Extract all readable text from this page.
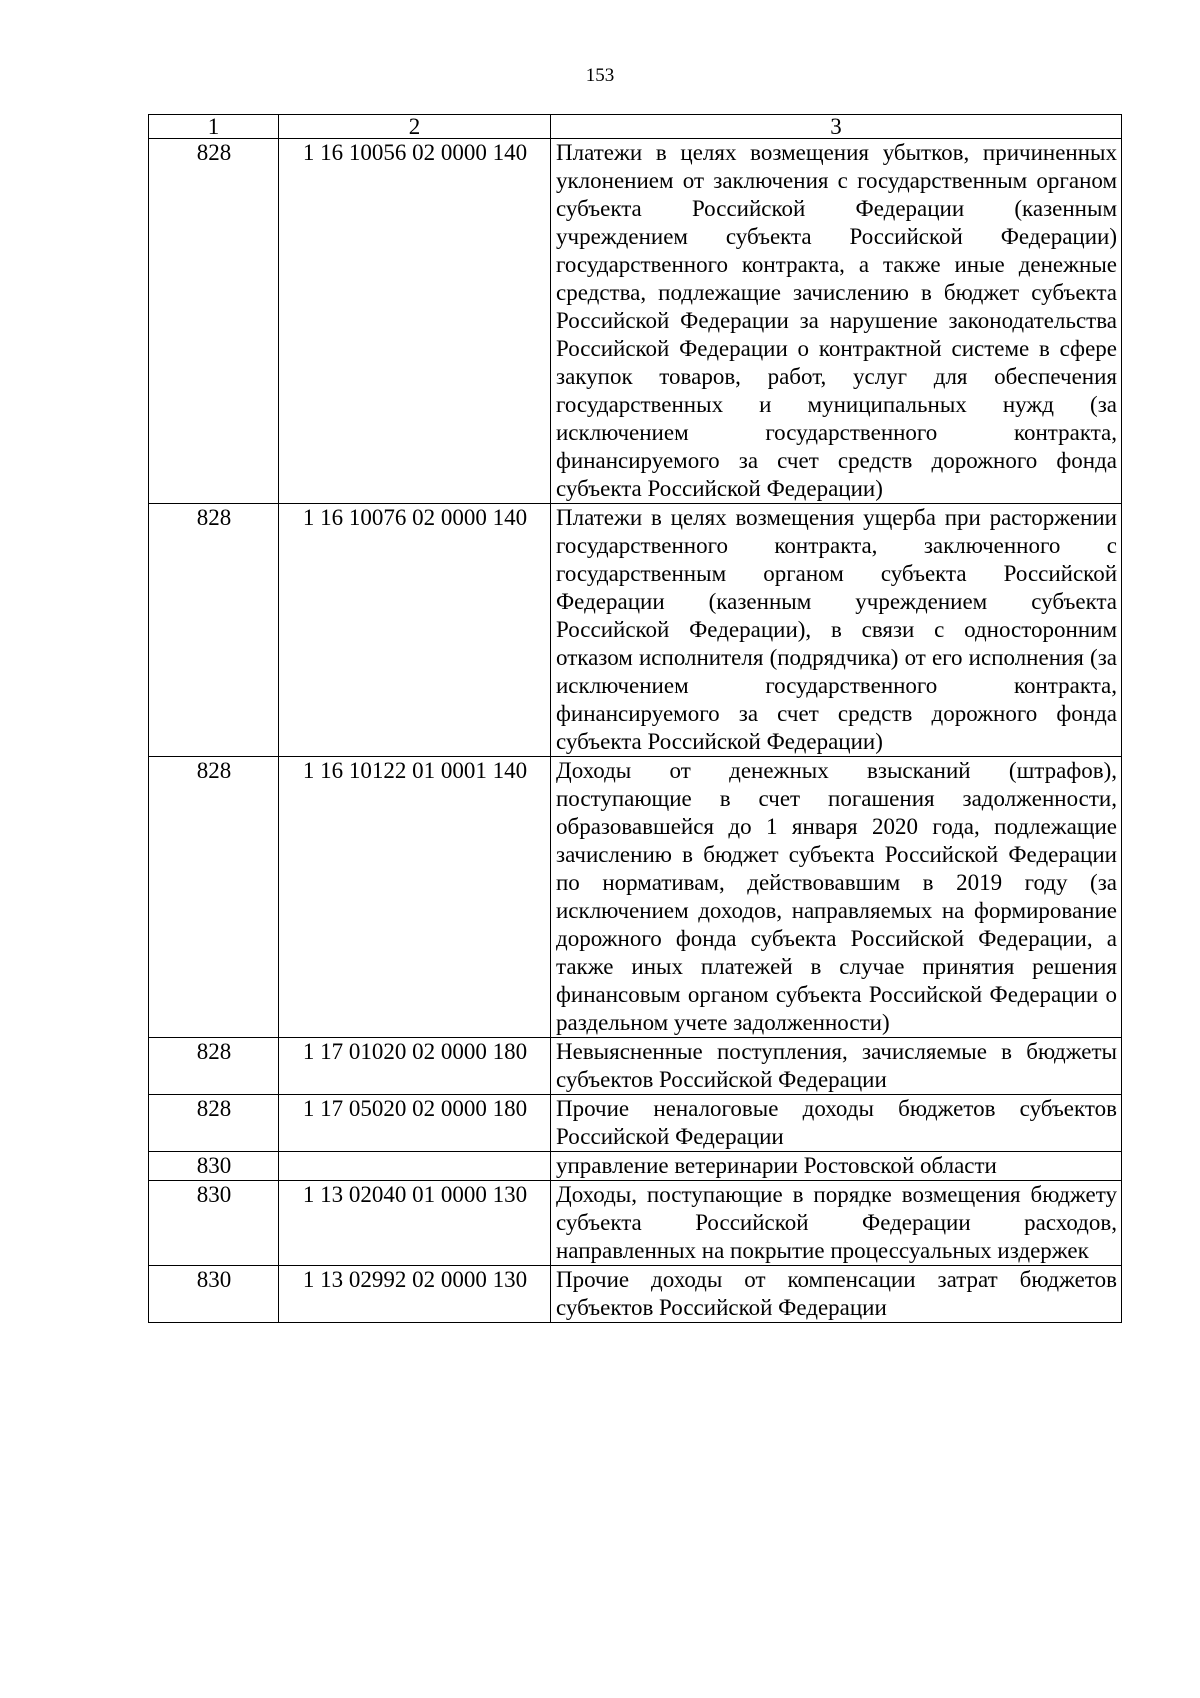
153
1	2	3
828	1 16 10056 02 0000 140	Платежи в целях возмещения убытков, причиненных уклонением от заключения с государственным органом субъекта Российской Федерации (казенным учреждением субъекта Российской Федерации) государственного контракта, а также иные денежные средства, подлежащие зачислению в бюджет субъекта Российской Федерации за нарушение законодательства Российской Федерации о контрактной системе в сфере закупок товаров, работ, услуг для обеспечения государственных и муниципальных нужд (за исключением государственного контракта, финансируемого за счет средств дорожного фонда субъекта Российской Федерации)
828	1 16 10076 02 0000 140	Платежи в целях возмещения ущерба при расторжении государственного контракта, заключенного с государственным органом субъекта Российской Федерации (казенным учреждением субъекта Российской Федерации), в связи с односторонним отказом исполнителя (подрядчика) от его исполнения (за исключением государственного контракта, финансируемого за счет средств дорожного фонда субъекта Российской Федерации)
828	1 16 10122 01 0001 140	Доходы от денежных взысканий (штрафов), поступающие в счет погашения задолженности, образовавшейся до 1 января 2020 года, подлежащие зачислению в бюджет субъекта Российской Федерации по нормативам, действовавшим в 2019 году (за исключением доходов, направляемых на формирование дорожного фонда субъекта Российской Федерации, а также иных платежей в случае принятия решения финансовым органом субъекта Российской Федерации о раздельном учете задолженности)
828	1 17 01020 02 0000 180	Невыясненные поступления, зачисляемые в бюджеты субъектов Российской Федерации
828	1 17 05020 02 0000 180	Прочие неналоговые доходы бюджетов субъектов Российской Федерации
830		управление ветеринарии Ростовской области
830	1 13 02040 01 0000 130	Доходы, поступающие в порядке возмещения бюджету субъекта Российской Федерации расходов, направленных на покрытие процессуальных издержек
830	1 13 02992 02 0000 130	Прочие доходы от компенсации затрат бюджетов субъектов Российской Федерации
